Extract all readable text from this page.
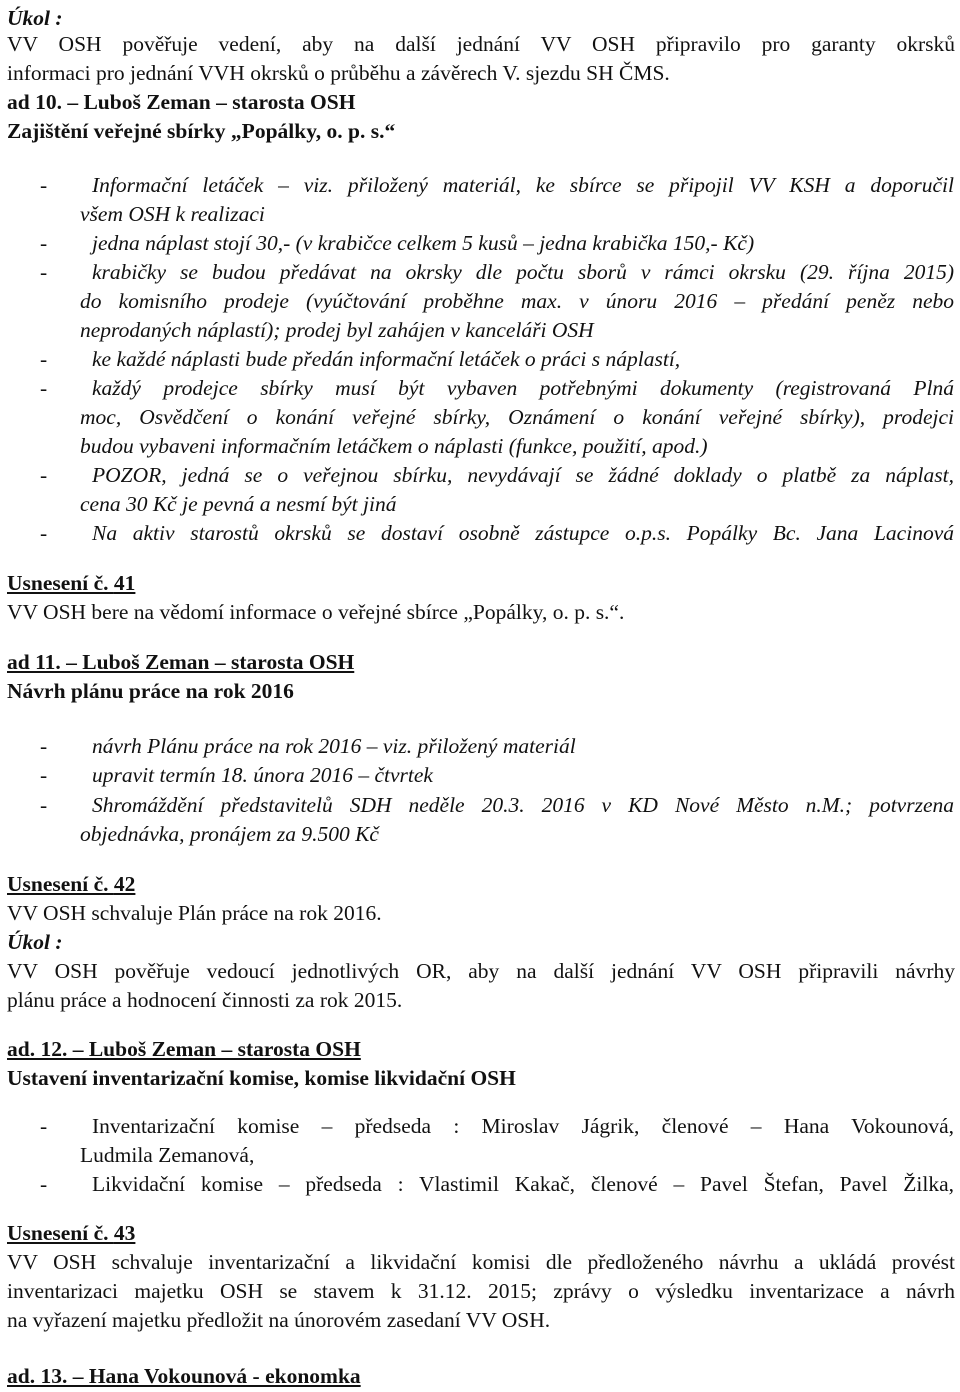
Úkol :

VV OSH pověřuje vedení, aby na další jednání VV OSH připravilo pro garanty okrsků

informaci pro jednání VVH okrsků o průběhu a závěrech V. sjezdu SH ČMS.

ad 10. – Luboš Zeman – starosta OSH

Zajištění veřejné sbírky „Popálky, o. p. s.“

- Informační letáček – viz. přiložený materiál, ke sbírce se připojil VV KSH a doporučil
všem OSH k realizaci
- jedna náplast stojí 30,- (v krabičce celkem 5 kusů – jedna krabička 150,- Kč)
- krabičky se budou předávat na okrsky dle počtu sborů v rámci okrsku (29. října 2015)
do komisního prodeje (vyúčtování proběhne max. v únoru 2016 – předání peněz nebo
neprodaných náplastí); prodej byl zahájen v kanceláři OSH
- ke každé náplasti bude předán informační letáček o práci s náplastí,
- každý prodejce sbírky musí být vybaven potřebnými dokumenty (registrovaná Plná
moc, Osvědčení o konání veřejné sbírky, Oznámení o konání veřejné sbírky), prodejci
budou vybaveni informačním letáčkem o náplasti (funkce, použití, apod.)
- POZOR, jedná se o veřejnou sbírku, nevydávají se žádné doklady o platbě za náplast,
cena 30 Kč je pevná a nesmí být jiná
- Na aktiv starostů okrsků se dostaví osobně zástupce o.p.s. Popálky Bc. Jana Lacinová

Usnesení č. 41

VV OSH bere na vědomí informace o veřejné sbírce „Popálky, o. p. s.“.

ad 11. – Luboš Zeman – starosta OSH

Návrh plánu práce na rok 2016

- návrh Plánu práce na rok 2016 – viz. přiložený materiál
- upravit termín 18. února 2016 – čtvrtek
- Shromáždění představitelů SDH neděle 20.3. 2016 v KD Nové Město n.M.; potvrzena
objednávka, pronájem za 9.500 Kč

Usnesení č. 42

VV OSH schvaluje Plán práce na rok 2016.

Úkol :

VV OSH pověřuje vedoucí jednotlivých OR, aby na další jednání VV OSH připravili návrhy

plánu práce a hodnocení činnosti za rok 2015.

ad. 12. – Luboš Zeman – starosta OSH

Ustavení inventarizační komise, komise likvidační OSH

- Inventarizační komise – předseda : Miroslav Jágrik, členové – Hana Vokounová,
Ludmila Zemanová,
- Likvidační komise – předseda : Vlastimil Kakač, členové – Pavel Štefan, Pavel Žilka,

Usnesení č. 43

VV OSH schvaluje inventarizační a likvidační komisi dle předloženého návrhu a ukládá provést

inventarizaci majetku OSH se stavem k 31.12. 2015; zprávy o výsledku inventarizace a návrh

na vyřazení majetku předložit na únorovém zasedaní VV OSH.

ad. 13. – Hana Vokounová - ekonomka
